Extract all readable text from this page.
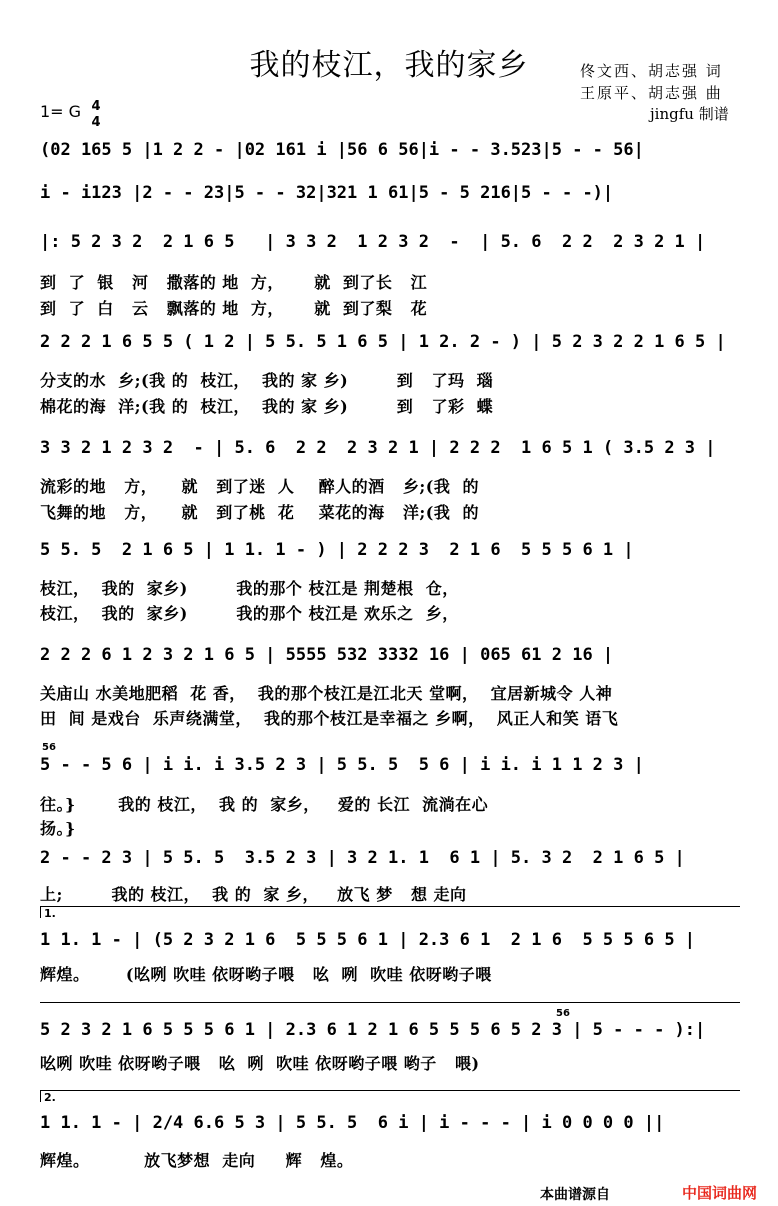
我的枝江，我的家乡	佟文西、胡志强 词
王原平、胡志强 曲
jingfu 制谱
1= G 4
4
(02 165 5 |1 2 2 - |02 161 i |56 6 56|i - - 3.523|5 - - 56|
i - i123 |2 - - 23|5 - - 32|321 1 61|5 - 5 216|5 - - -)|
|: 5 2 3 2  2 1 6 5   | 3 3 2  1 2 3 2  -  | 5. 6  2 2  2 3 2 1 |
到  了  银   河   撒落的 地  方，     就  到了长   江
到  了  白   云   飘落的 地  方，     就  到了梨   花
2 2 2 1 6 5 5 ( 1 2 | 5 5. 5 1 6 5 | 1 2. 2 - ) | 5 2 3 2 2 1 6 5 |
分支的水  乡;(我 的  枝江，  我的 家 乡)        到   了玛  瑙
棉花的海  洋;(我 的  枝江，  我的 家 乡)        到   了彩  蝶
3 3 2 1 2 3 2  - | 5. 6  2 2  2 3 2 1 | 2 2 2  1 6 5 1 ( 3.5 2 3 |
流彩的地   方，    就   到了迷  人    醉人的酒   乡;(我  的
飞舞的地   方，    就   到了桃  花    菜花的海   洋;(我  的
5 5. 5  2 1 6 5 | 1 1. 1 - ) | 2 2 2 3  2 1 6  5 5 5 6 1 |
枝江，  我的  家乡)        我的那个 枝江是 荆楚根  仓，
枝江，  我的  家乡)        我的那个 枝江是 欢乐之  乡，
2 2 2 6 1 2 3 2 1 6 5 | 5555 532 3332 16 | 065 61 2 16 |
关庙山 水美地肥稻  花 香，  我的那个枝江是江北天 堂啊，  宜居新城令 人神
田  间 是戏台  乐声绕满堂，  我的那个枝江是幸福之 乡啊，  风正人和笑 语飞
56
5 - - 5 6 | i i. i 3.5 2 3 | 5 5. 5  5 6 | i i. i 1 1 2 3 |
往。}       我的 枝江，  我 的  家乡，   爱的 长江  流淌在心
扬。}
2 - - 2 3 | 5 5. 5  3.5 2 3 | 3 2 1. 1  6 1 | 5. 3 2  2 1 6 5 |
上;        我的 枝江，  我 的  家 乡，   放飞 梦   想 走向
1.
1 1. 1 - | (5 2 3 2 1 6  5 5 5 6 1 | 2.3 6 1  2 1 6  5 5 5 6 5 |
辉煌。      (吆咧 吹哇 依呀哟子喂   吆  咧  吹哇 依呀哟子喂
56
5 2 3 2 1 6 5 5 5 6 1 | 2.3 6 1 2 1 6 5 5 5 6 5 2 3 | 5 - - - ):|
吆咧 吹哇 依呀哟子喂   吆  咧  吹哇 依呀哟子喂 哟子   喂)
2.
1 1. 1 - | 2/4 6.6 5 3 | 5 5. 5  6 i | i - - - | i 0 0 0 0 ||
辉煌。         放飞梦想  走向     辉   煌。
本曲谱源自	中国词曲网
